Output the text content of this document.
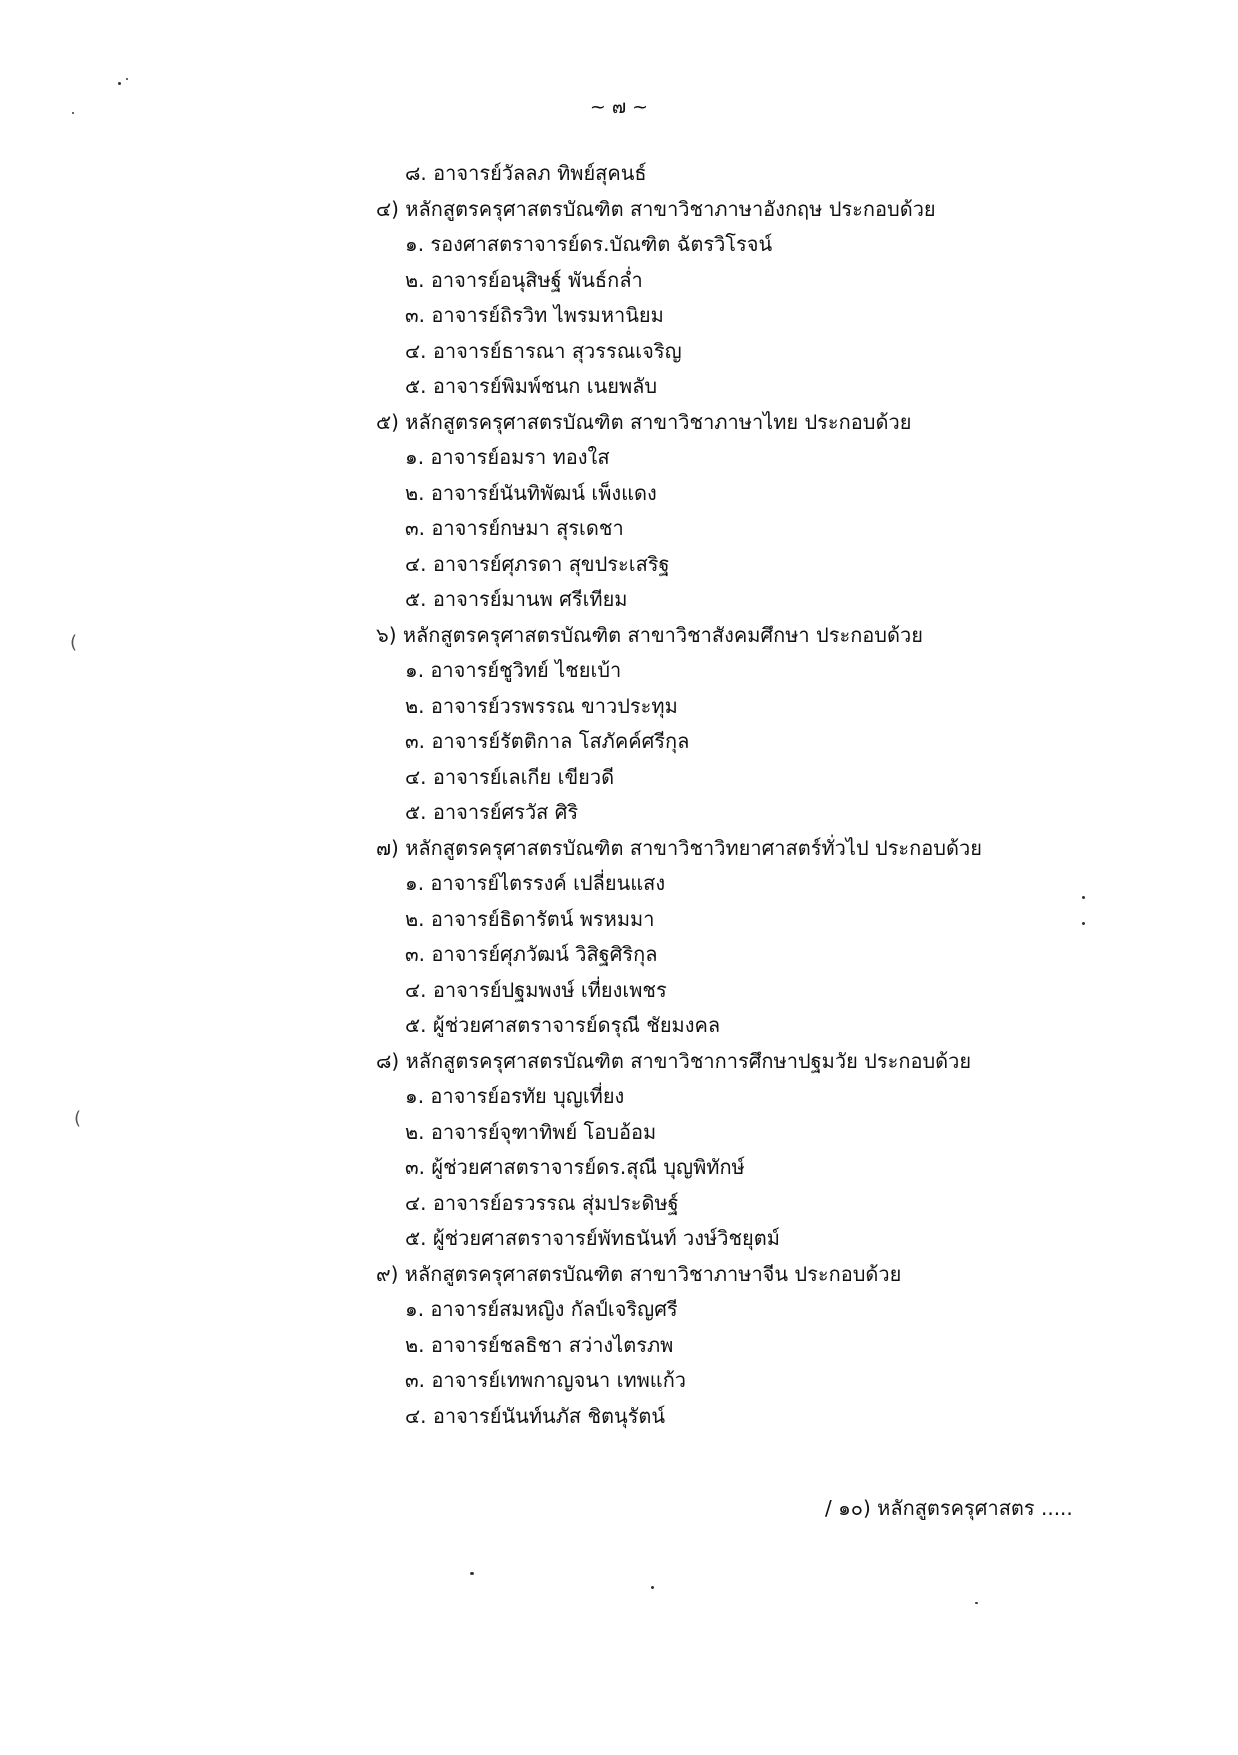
~ ๗ ~
๘. อาจารย์วัลลภ ทิพย์สุคนธ์
๔) หลักสูตรครุศาสตรบัณฑิต สาขาวิชาภาษาอังกฤษ ประกอบด้วย
๑. รองศาสตราจารย์ดร.บัณฑิต ฉัตรวิโรจน์
๒. อาจารย์อนุสิษฐ์ พันธ์กล่ำ
๓. อาจารย์ถิรวิท ไพรมหานิยม
๔. อาจารย์ธารณา สุวรรณเจริญ
๕. อาจารย์พิมพ์ชนก เนยพลับ
๕) หลักสูตรครุศาสตรบัณฑิต สาขาวิชาภาษาไทย ประกอบด้วย
๑. อาจารย์อมรา ทองใส
๒. อาจารย์นันทิพัฒน์ เพ็งแดง
๓. อาจารย์กษมา สุรเดชา
๔. อาจารย์ศุภรดา สุขประเสริฐ
๕. อาจารย์มานพ ศรีเทียม
๖) หลักสูตรครุศาสตรบัณฑิต สาขาวิชาสังคมศึกษา ประกอบด้วย
๑. อาจารย์ชูวิทย์ ไชยเบ้า
๒. อาจารย์วรพรรณ ขาวประทุม
๓. อาจารย์รัตติกาล โสภัคค์ศรีกุล
๔. อาจารย์เลเกีย เขียวดี
๕. อาจารย์ศรวัส ศิริ
๗) หลักสูตรครุศาสตรบัณฑิต สาขาวิชาวิทยาศาสตร์ทั่วไป ประกอบด้วย
๑. อาจารย์ไตรรงค์ เปลี่ยนแสง
๒. อาจารย์ธิดารัตน์ พรหมมา
๓. อาจารย์ศุภวัฒน์ วิสิฐศิริกุล
๔. อาจารย์ปฐมพงษ์ เที่ยงเพชร
๕. ผู้ช่วยศาสตราจารย์ดรุณี ชัยมงคล
๘) หลักสูตรครุศาสตรบัณฑิต สาขาวิชาการศึกษาปฐมวัย ประกอบด้วย
๑. อาจารย์อรทัย บุญเที่ยง
๒. อาจารย์จุฑาทิพย์ โอบอ้อม
๓. ผู้ช่วยศาสตราจารย์ดร.สุณี บุญพิทักษ์
๔. อาจารย์อรวรรณ สุ่มประดิษฐ์
๕. ผู้ช่วยศาสตราจารย์พัทธนันท์ วงษ์วิชยุตม์
๙) หลักสูตรครุศาสตรบัณฑิต สาขาวิชาภาษาจีน ประกอบด้วย
๑. อาจารย์สมหญิง กัลป์เจริญศรี
๒. อาจารย์ชลธิชา สว่างไตรภพ
๓. อาจารย์เทพกาญจนา เทพแก้ว
๔. อาจารย์นันท์นภัส ชิตนุรัตน์
/ ๑๐) หลักสูตรครุศาสตร .....
(
(
